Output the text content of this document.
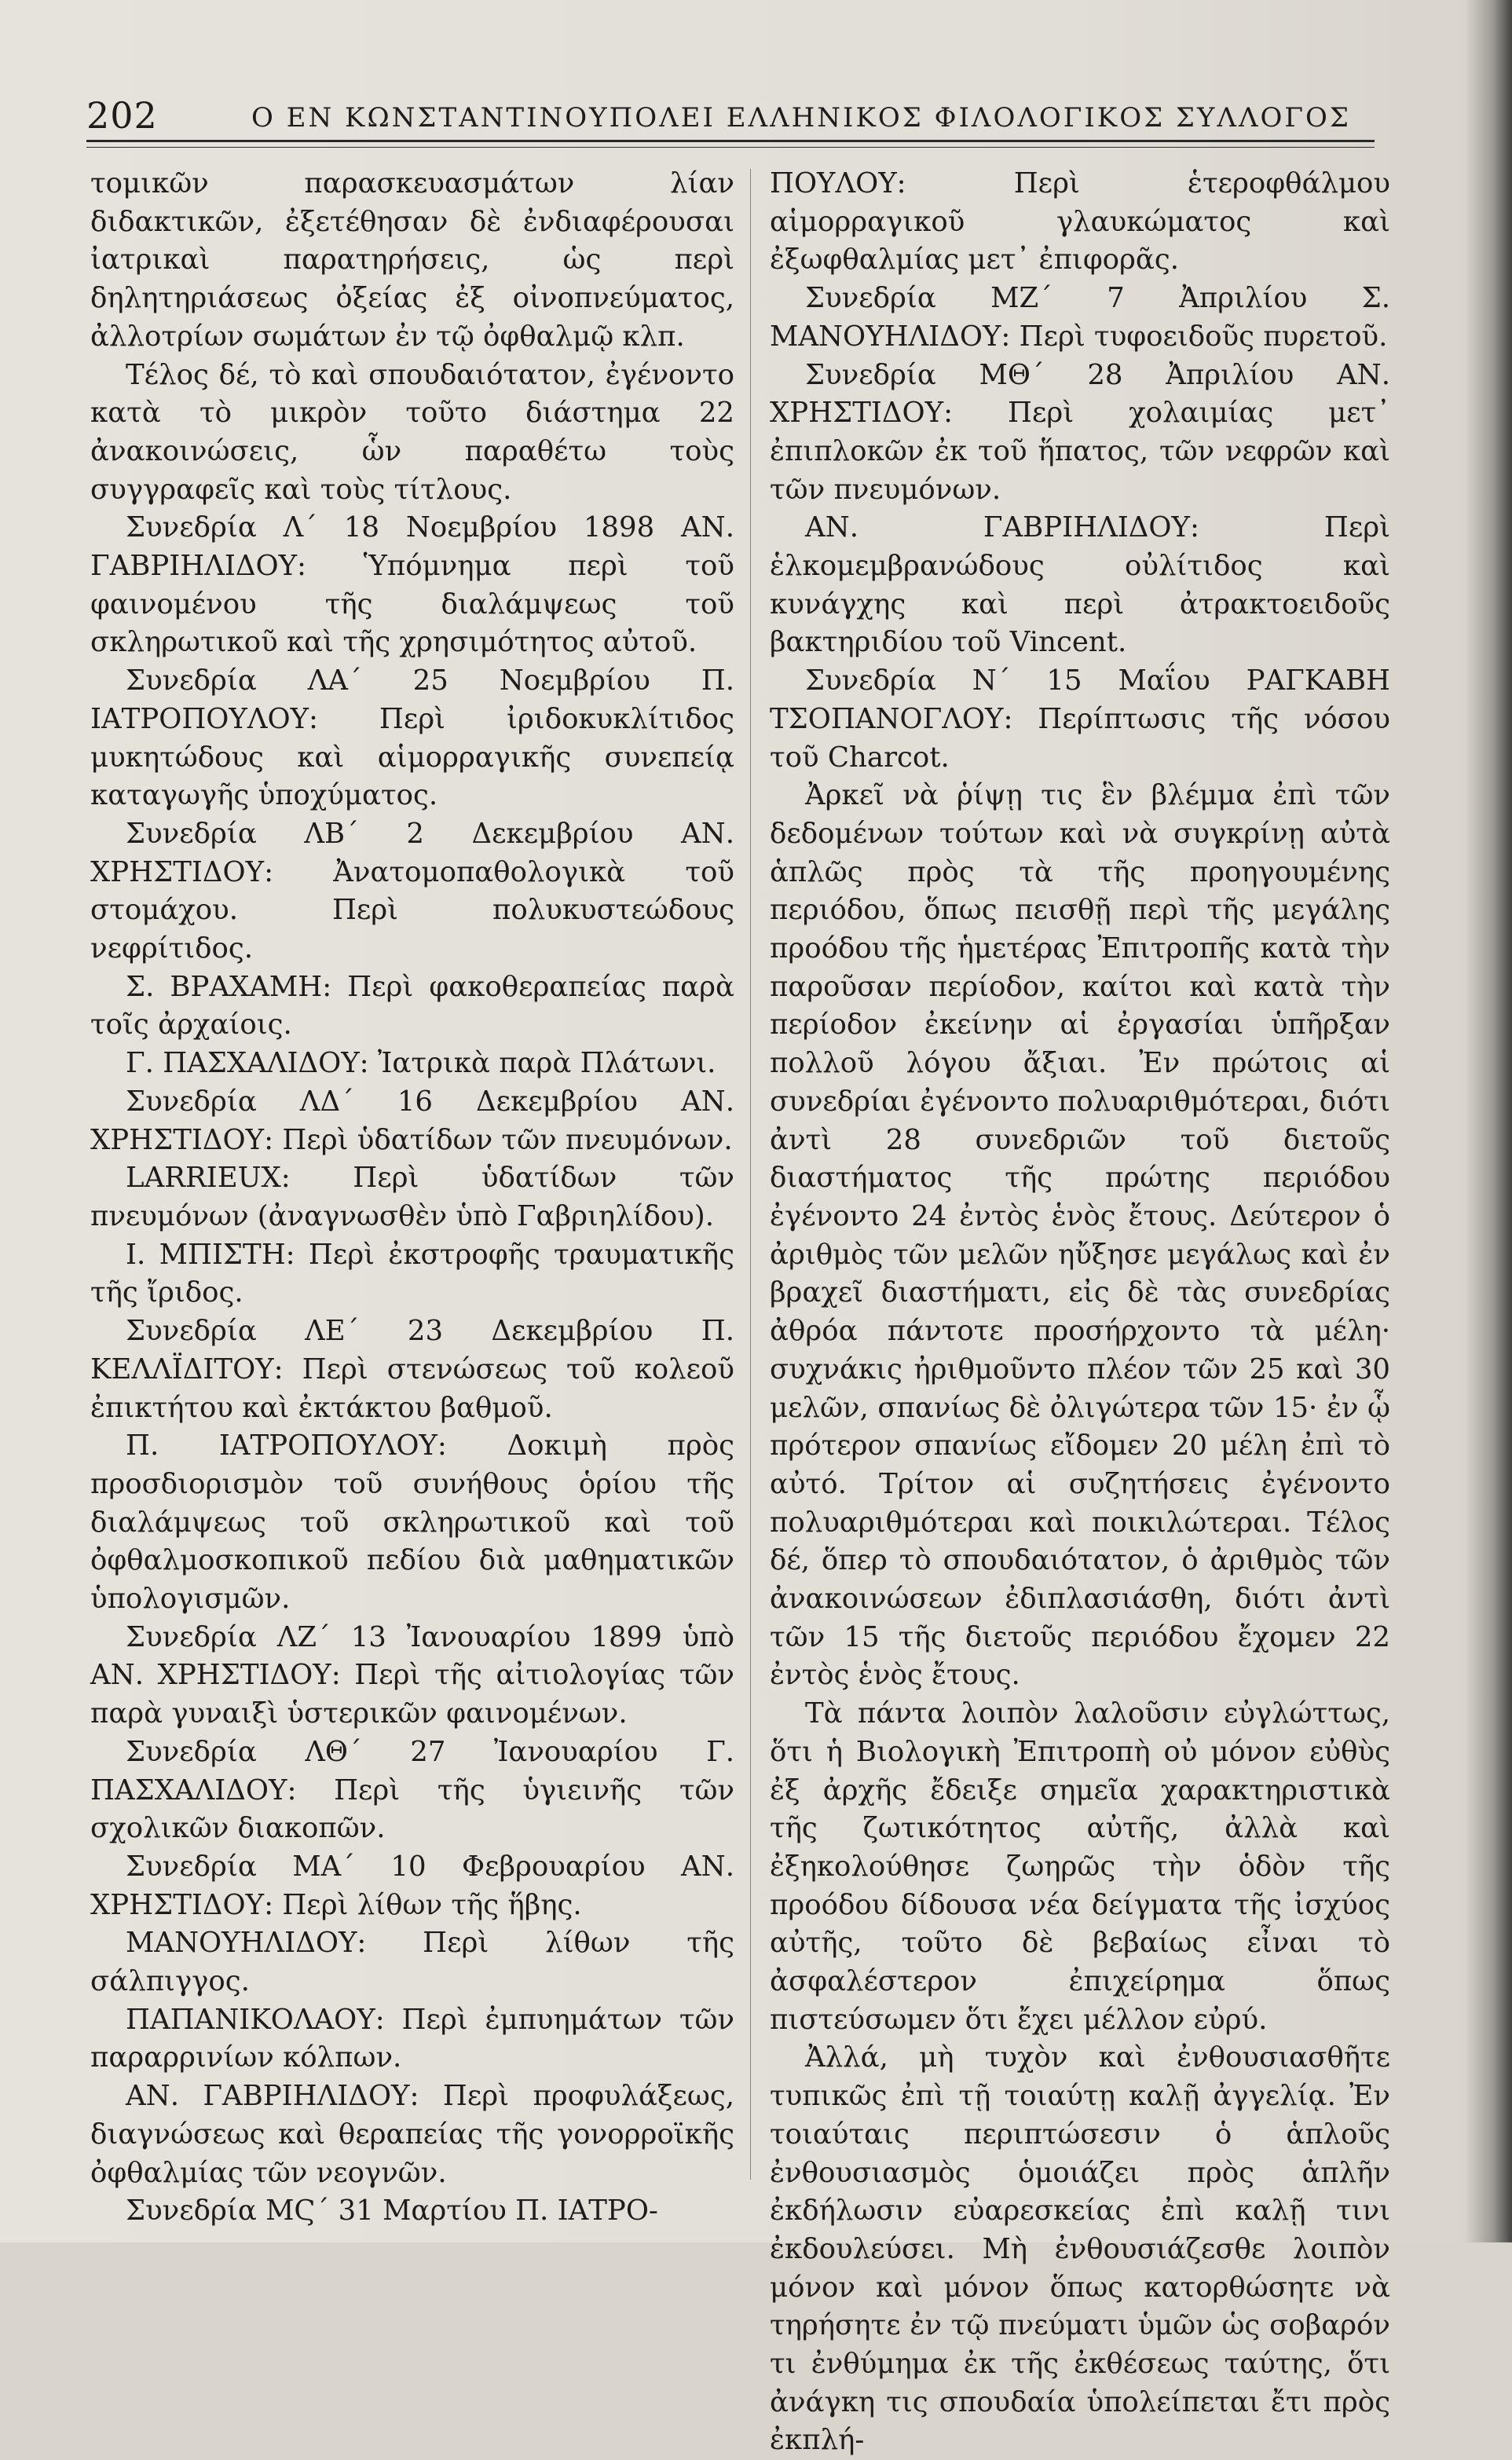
202	Ο ΕΝ ΚΩΝΣΤΑΝΤΙΝΟΥΠΟΛΕΙ ΕΛΛΗΝΙΚΟΣ ΦΙΛΟΛΟΓΙΚΟΣ ΣΥΛΛΟΓΟΣ

τομικῶν παρασκευασμάτων λίαν διδακτικῶν, ἐξετέθησαν δὲ ἐνδιαφέρουσαι ἰατρικαὶ παρατηρήσεις, ὡς περὶ δηλητηριάσεως ὀξείας ἐξ οἰνοπνεύματος, ἀλλοτρίων σωμάτων ἐν τῷ ὀφθαλμῷ κλπ.

Τέλος δέ, τὸ καὶ σπουδαιότατον, ἐγένοντο κατὰ τὸ μικρὸν τοῦτο διάστημα 22 ἀνακοινώσεις, ὧν παραθέτω τοὺς συγγραφεῖς καὶ τοὺς τίτλους.

Συνεδρία Λ΄ 18 Νοεμβρίου 1898 ΑΝ. ΓΑΒΡΙΗΛΙΔΟΥ: Ὑπόμνημα περὶ τοῦ φαινομένου τῆς διαλάμψεως τοῦ σκληρωτικοῦ καὶ τῆς χρησιμότητος αὐτοῦ.

Συνεδρία ΛΑ΄ 25 Νοεμβρίου Π. ΙΑΤΡΟΠΟΥΛΟΥ: Περὶ ἰριδοκυκλίτιδος μυκητώδους καὶ αἱμορραγικῆς συνεπείᾳ καταγωγῆς ὑποχύματος.

Συνεδρία ΛΒ΄ 2 Δεκεμβρίου ΑΝ. ΧΡΗΣΤΙΔΟΥ: Ἀνατομοπαθολογικὰ τοῦ στομάχου. Περὶ πολυκυστεώδους νεφρίτιδος.

Σ. ΒΡΑΧΑΜΗ: Περὶ φακοθεραπείας παρὰ τοῖς ἀρχαίοις.

Γ. ΠΑΣΧΑΛΙΔΟΥ: Ἰατρικὰ παρὰ Πλάτωνι.

Συνεδρία ΛΔ΄ 16 Δεκεμβρίου ΑΝ. ΧΡΗΣΤΙΔΟΥ: Περὶ ὑδατίδων τῶν πνευμόνων.

LARRIEUX: Περὶ ὑδατίδων τῶν πνευμόνων (ἀναγνωσθὲν ὑπὸ Γαβριηλίδου).

Ι. ΜΠΙΣΤΗ: Περὶ ἐκστροφῆς τραυματικῆς τῆς ἴριδος.

Συνεδρία ΛΕ΄ 23 Δεκεμβρίου Π. ΚΕΛΛΪΔΙΤΟΥ: Περὶ στενώσεως τοῦ κολεοῦ ἐπικτήτου καὶ ἐκτάκτου βαθμοῦ.

Π. ΙΑΤΡΟΠΟΥΛΟΥ: Δοκιμὴ πρὸς προσδιορισμὸν τοῦ συνήθους ὁρίου τῆς διαλάμψεως τοῦ σκληρωτικοῦ καὶ τοῦ ὀφθαλμοσκοπικοῦ πεδίου διὰ μαθηματικῶν ὑπολογισμῶν.

Συνεδρία ΛΖ΄ 13 Ἰανουαρίου 1899 ὑπὸ ΑΝ. ΧΡΗΣΤΙΔΟΥ: Περὶ τῆς αἰτιολογίας τῶν παρὰ γυναιξὶ ὑστερικῶν φαινομένων.

Συνεδρία ΛΘ΄ 27 Ἰανουαρίου Γ. ΠΑΣΧΑΛΙΔΟΥ: Περὶ τῆς ὑγιεινῆς τῶν σχολικῶν διακοπῶν.

Συνεδρία ΜΑ΄ 10 Φεβρουαρίου ΑΝ. ΧΡΗΣΤΙΔΟΥ: Περὶ λίθων τῆς ἥβης.

ΜΑΝΟΥΗΛΙΔΟΥ: Περὶ λίθων τῆς σάλπιγγος.

ΠΑΠΑΝΙΚΟΛΑΟΥ: Περὶ ἐμπυημάτων τῶν παραρρινίων κόλπων.

ΑΝ. ΓΑΒΡΙΗΛΙΔΟΥ: Περὶ προφυλάξεως, διαγνώσεως καὶ θεραπείας τῆς γονορροϊκῆς ὀφθαλμίας τῶν νεογνῶν.

Συνεδρία ΜϚ΄ 31 Μαρτίου Π. ΙΑΤΡΟ-

ΠΟΥΛΟΥ: Περὶ ἑτεροφθάλμου αἱμορραγικοῦ γλαυκώματος καὶ ἐξωφθαλμίας μετ᾽ ἐπιφορᾶς.

Συνεδρία ΜΖ΄ 7 Ἀπριλίου Σ. ΜΑΝΟΥΗΛΙΔΟΥ: Περὶ τυφοειδοῦς πυρετοῦ.

Συνεδρία ΜΘ΄ 28 Ἀπριλίου ΑΝ. ΧΡΗΣΤΙΔΟΥ: Περὶ χολαιμίας μετ᾽ ἐπιπλοκῶν ἐκ τοῦ ἥπατος, τῶν νεφρῶν καὶ τῶν πνευμόνων.

ΑΝ. ΓΑΒΡΙΗΛΙΔΟΥ: Περὶ ἑλκομεμβρανώδους οὐλίτιδος καὶ κυνάγχης καὶ περὶ ἀτρακτοειδοῦς βακτηριδίου τοῦ Vincent.

Συνεδρία Ν΄ 15 Μαΐου ΡΑΓΚΑΒΗ ΤΣΟΠΑΝΟΓΛΟΥ: Περίπτωσις τῆς νόσου τοῦ Charcot.

Ἀρκεῖ νὰ ῥίψῃ τις ἓν βλέμμα ἐπὶ τῶν δεδομένων τούτων καὶ νὰ συγκρίνῃ αὐτὰ ἁπλῶς πρὸς τὰ τῆς προηγουμένης περιόδου, ὅπως πεισθῇ περὶ τῆς μεγάλης προόδου τῆς ἡμετέρας Ἐπιτροπῆς κατὰ τὴν παροῦσαν περίοδον, καίτοι καὶ κατὰ τὴν περίοδον ἐκείνην αἱ ἐργασίαι ὑπῆρξαν πολλοῦ λόγου ἄξιαι. Ἐν πρώτοις αἱ συνεδρίαι ἐγένοντο πολυαριθμότεραι, διότι ἀντὶ 28 συνεδριῶν τοῦ διετοῦς διαστήματος τῆς πρώτης περιόδου ἐγένοντο 24 ἐντὸς ἑνὸς ἔτους. Δεύτερον ὁ ἀριθμὸς τῶν μελῶν ηὔξησε μεγάλως καὶ ἐν βραχεῖ διαστήματι, εἰς δὲ τὰς συνεδρίας ἀθρόα πάντοτε προσήρχοντο τὰ μέλη· συχνάκις ἠριθμοῦντο πλέον τῶν 25 καὶ 30 μελῶν, σπανίως δὲ ὀλιγώτερα τῶν 15· ἐν ᾧ πρότερον σπανίως εἴδομεν 20 μέλη ἐπὶ τὸ αὐτό. Τρίτον αἱ συζητήσεις ἐγένοντο πολυαριθμότεραι καὶ ποικιλώτεραι. Τέλος δέ, ὅπερ τὸ σπουδαιότατον, ὁ ἀριθμὸς τῶν ἀνακοινώσεων ἐδιπλασιάσθη, διότι ἀντὶ τῶν 15 τῆς διετοῦς περιόδου ἔχομεν 22 ἐντὸς ἑνὸς ἔτους.

Τὰ πάντα λοιπὸν λαλοῦσιν εὐγλώττως, ὅτι ἡ Βιολογικὴ Ἐπιτροπὴ οὐ μόνον εὐθὺς ἐξ ἀρχῆς ἔδειξε σημεῖα χαρακτηριστικὰ τῆς ζωτικότητος αὐτῆς, ἀλλὰ καὶ ἐξηκολούθησε ζωηρῶς τὴν ὁδὸν τῆς προόδου δίδουσα νέα δείγματα τῆς ἰσχύος αὐτῆς, τοῦτο δὲ βεβαίως εἶναι τὸ ἀσφαλέστερον ἐπιχείρημα ὅπως πιστεύσωμεν ὅτι ἔχει μέλλον εὐρύ.

Ἀλλά, μὴ τυχὸν καὶ ἐνθουσιασθῆτε τυπικῶς ἐπὶ τῇ τοιαύτῃ καλῇ ἀγγελίᾳ. Ἐν τοιαύταις περιπτώσεσιν ὁ ἁπλοῦς ἐνθουσιασμὸς ὁμοιάζει πρὸς ἁπλῆν ἐκδήλωσιν εὐαρεσκείας ἐπὶ καλῇ τινι ἐκδουλεύσει. Μὴ ἐνθουσιάζεσθε λοιπὸν μόνον καὶ μόνον ὅπως κατορθώσητε νὰ τηρήσητε ἐν τῷ πνεύματι ὑμῶν ὡς σοβαρόν τι ἐνθύμημα ἐκ τῆς ἐκθέσεως ταύτης, ὅτι ἀνάγκη τις σπουδαία ὑπολείπεται ἔτι πρὸς ἐκπλή-
